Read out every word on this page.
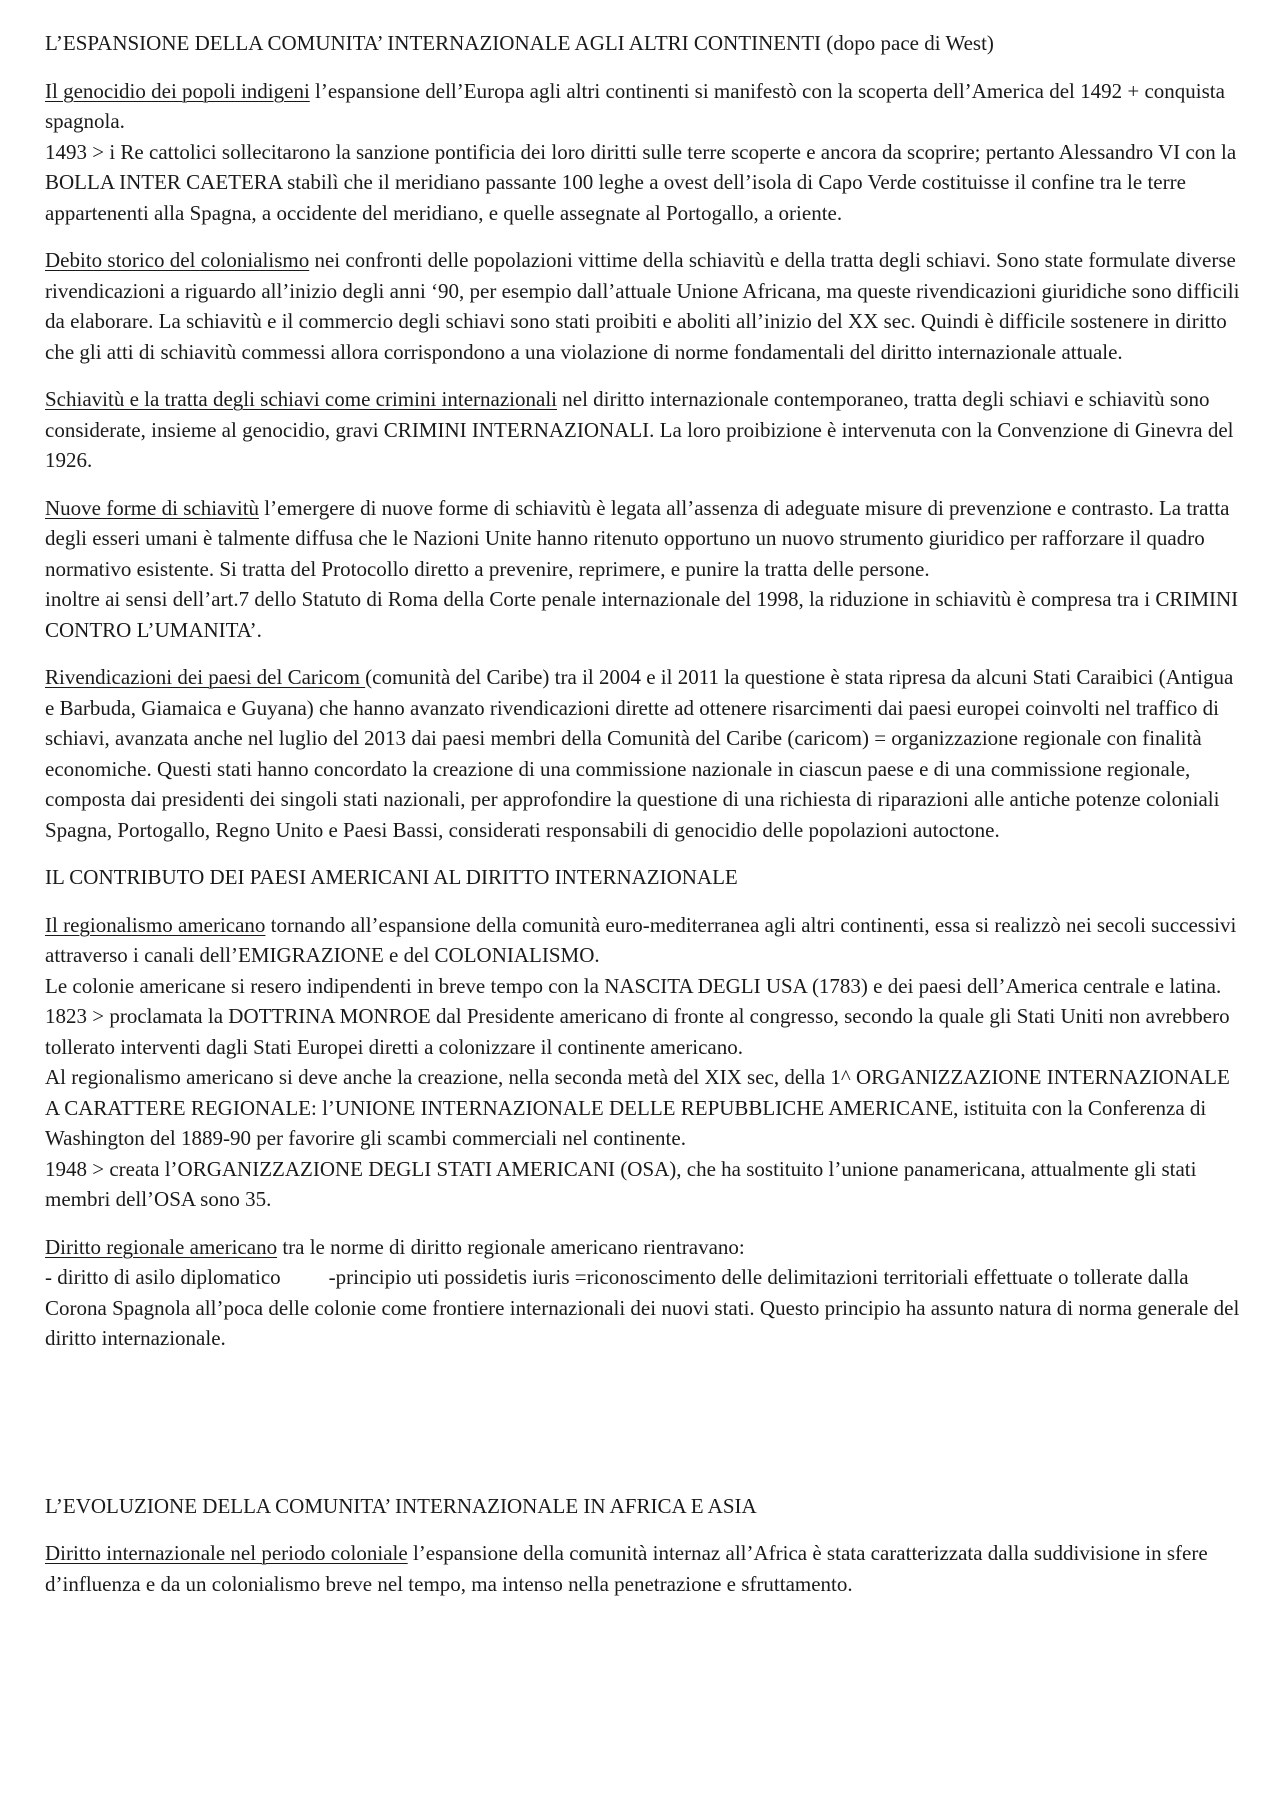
L’ESPANSIONE DELLA COMUNITA’ INTERNAZIONALE AGLI ALTRI CONTINENTI (dopo pace di West)

Il genocidio dei popoli indigeni l’espansione dell’Europa agli altri continenti si manifestò con la scoperta dell’America del 1492 + conquista spagnola.
1493 > i Re cattolici sollecitarono la sanzione pontificia dei loro diritti sulle terre scoperte e ancora da scoprire; pertanto Alessandro VI con la BOLLA INTER CAETERA stabilì che il meridiano passante 100 leghe a ovest dell’isola di Capo Verde costituisse il confine tra le terre appartenenti alla Spagna, a occidente del meridiano, e quelle assegnate al Portogallo, a oriente.

Debito storico del colonialismo nei confronti delle popolazioni vittime della schiavitù e della tratta degli schiavi. Sono state formulate diverse rivendicazioni a riguardo all’inizio degli anni ‘90, per esempio dall’attuale Unione Africana, ma queste rivendicazioni giuridiche sono difficili da elaborare. La schiavitù e il commercio degli schiavi sono stati proibiti e aboliti all’inizio del XX sec. Quindi è difficile sostenere in diritto che gli atti di schiavitù commessi allora corrispondono a una violazione di norme fondamentali del diritto internazionale attuale.

Schiavitù e la tratta degli schiavi come crimini internazionali nel diritto internazionale contemporaneo, tratta degli schiavi e schiavitù sono considerate, insieme al genocidio, gravi CRIMINI INTERNAZIONALI. La loro proibizione è intervenuta con la Convenzione di Ginevra del 1926.

Nuove forme di schiavitù l’emergere di nuove forme di schiavitù è legata all’assenza di adeguate misure di prevenzione e contrasto. La tratta degli esseri umani è talmente diffusa che le Nazioni Unite hanno ritenuto opportuno un nuovo strumento giuridico per rafforzare il quadro normativo esistente. Si tratta del Protocollo diretto a prevenire, reprimere, e punire la tratta delle persone.
inoltre ai sensi dell’art.7 dello Statuto di Roma della Corte penale internazionale del 1998, la riduzione in schiavitù è compresa tra i CRIMINI CONTRO L’UMANITA’.

Rivendicazioni dei paesi del Caricom (comunità del Caribe) tra il 2004 e il 2011 la questione è stata ripresa da alcuni Stati Caraibici (Antigua e Barbuda, Giamaica e Guyana) che hanno avanzato rivendicazioni dirette ad ottenere risarcimenti dai paesi europei coinvolti nel traffico di schiavi, avanzata anche nel luglio del 2013 dai paesi membri della Comunità del Caribe (caricom) = organizzazione regionale con finalità economiche. Questi stati hanno concordato la creazione di una commissione nazionale in ciascun paese e di una commissione regionale, composta dai presidenti dei singoli stati nazionali, per approfondire la questione di una richiesta di riparazioni alle antiche potenze coloniali Spagna, Portogallo, Regno Unito e Paesi Bassi, considerati responsabili di genocidio delle popolazioni autoctone.

IL CONTRIBUTO DEI PAESI AMERICANI AL DIRITTO INTERNAZIONALE

Il regionalismo americano tornando all’espansione della comunità euro-mediterranea agli altri continenti, essa si realizzò nei secoli successivi attraverso i canali dell’EMIGRAZIONE e del COLONIALISMO.
Le colonie americane si resero indipendenti in breve tempo con la NASCITA DEGLI USA (1783) e dei paesi dell’America centrale e latina.
1823 > proclamata la DOTTRINA MONROE dal Presidente americano di fronte al congresso, secondo la quale gli Stati Uniti non avrebbero tollerato interventi dagli Stati Europei diretti a colonizzare il continente americano.
Al regionalismo americano si deve anche la creazione, nella seconda metà del XIX sec, della 1^ ORGANIZZAZIONE INTERNAZIONALE A CARATTERE REGIONALE: l’UNIONE INTERNAZIONALE DELLE REPUBBLICHE AMERICANE, istituita con la Conferenza di Washington del 1889-90 per favorire gli scambi commerciali nel continente.
1948 > creata l’ORGANIZZAZIONE DEGLI STATI AMERICANI (OSA), che ha sostituito l’unione panamericana, attualmente gli stati membri dell’OSA sono 35.

Diritto regionale americano tra le norme di diritto regionale americano rientravano:
- diritto di asilo diplomatico -principio uti possidetis iuris =riconoscimento delle delimitazioni territoriali effettuate o tollerate dalla Corona Spagnola all’poca delle colonie come frontiere internazionali dei nuovi stati. Questo principio ha assunto natura di norma generale del diritto internazionale.

L’EVOLUZIONE DELLA COMUNITA’ INTERNAZIONALE IN AFRICA E ASIA

Diritto internazionale nel periodo coloniale l’espansione della comunità internaz all’Africa è stata caratterizzata dalla suddivisione in sfere d’influenza e da un colonialismo breve nel tempo, ma intenso nella penetrazione e sfruttamento.
